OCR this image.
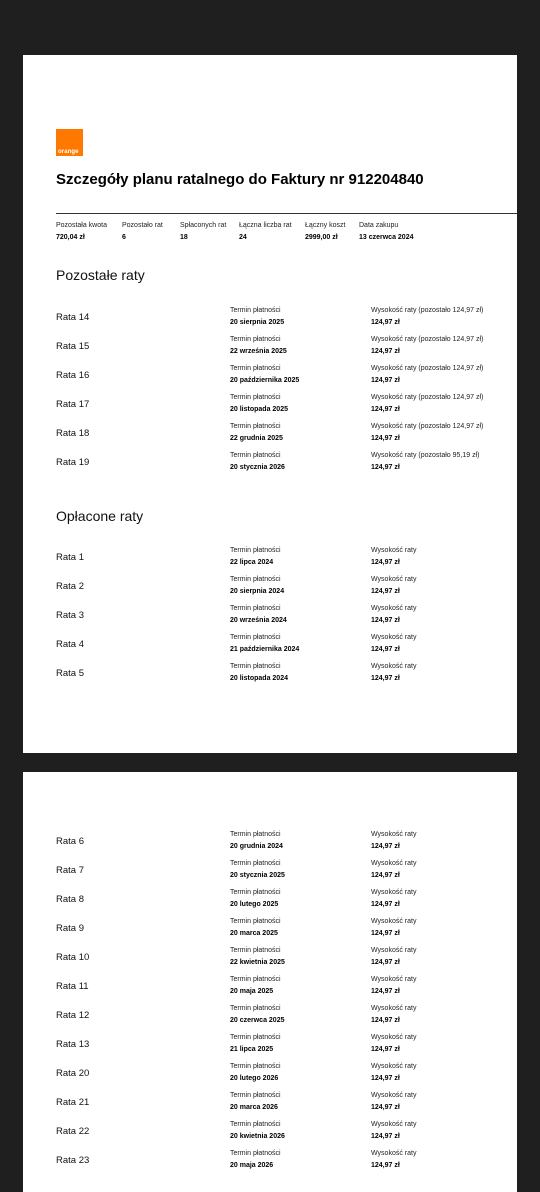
orange
Szczegóły planu ratalnego do Faktury nr 912204840
Pozostała kwota
720,04 zł
Pozostało rat
6
Spłaconych rat
18
Łączna liczba rat
24
Łączny koszt
2999,00 zł
Data zakupu
13 czerwca 2024
Pozostałe raty
Rata 14
Termin płatności
20 sierpnia 2025
Wysokość raty (pozostało 124,97 zł)
124,97 zł
Rata 15
Termin płatności
22 września 2025
Wysokość raty (pozostało 124,97 zł)
124,97 zł
Rata 16
Termin płatności
20 października 2025
Wysokość raty (pozostało 124,97 zł)
124,97 zł
Rata 17
Termin płatności
20 listopada 2025
Wysokość raty (pozostało 124,97 zł)
124,97 zł
Rata 18
Termin płatności
22 grudnia 2025
Wysokość raty (pozostało 124,97 zł)
124,97 zł
Rata 19
Termin płatności
20 stycznia 2026
Wysokość raty (pozostało 95,19 zł)
124,97 zł
Opłacone raty
Rata 1
Termin płatności
22 lipca 2024
Wysokość raty
124,97 zł
Rata 2
Termin płatności
20 sierpnia 2024
Wysokość raty
124,97 zł
Rata 3
Termin płatności
20 września 2024
Wysokość raty
124,97 zł
Rata 4
Termin płatności
21 października 2024
Wysokość raty
124,97 zł
Rata 5
Termin płatności
20 listopada 2024
Wysokość raty
124,97 zł
Rata 6
Termin płatności
20 grudnia 2024
Wysokość raty
124,97 zł
Rata 7
Termin płatności
20 stycznia 2025
Wysokość raty
124,97 zł
Rata 8
Termin płatności
20 lutego 2025
Wysokość raty
124,97 zł
Rata 9
Termin płatności
20 marca 2025
Wysokość raty
124,97 zł
Rata 10
Termin płatności
22 kwietnia 2025
Wysokość raty
124,97 zł
Rata 11
Termin płatności
20 maja 2025
Wysokość raty
124,97 zł
Rata 12
Termin płatności
20 czerwca 2025
Wysokość raty
124,97 zł
Rata 13
Termin płatności
21 lipca 2025
Wysokość raty
124,97 zł
Rata 20
Termin płatności
20 lutego 2026
Wysokość raty
124,97 zł
Rata 21
Termin płatności
20 marca 2026
Wysokość raty
124,97 zł
Rata 22
Termin płatności
20 kwietnia 2026
Wysokość raty
124,97 zł
Rata 23
Termin płatności
20 maja 2026
Wysokość raty
124,97 zł
